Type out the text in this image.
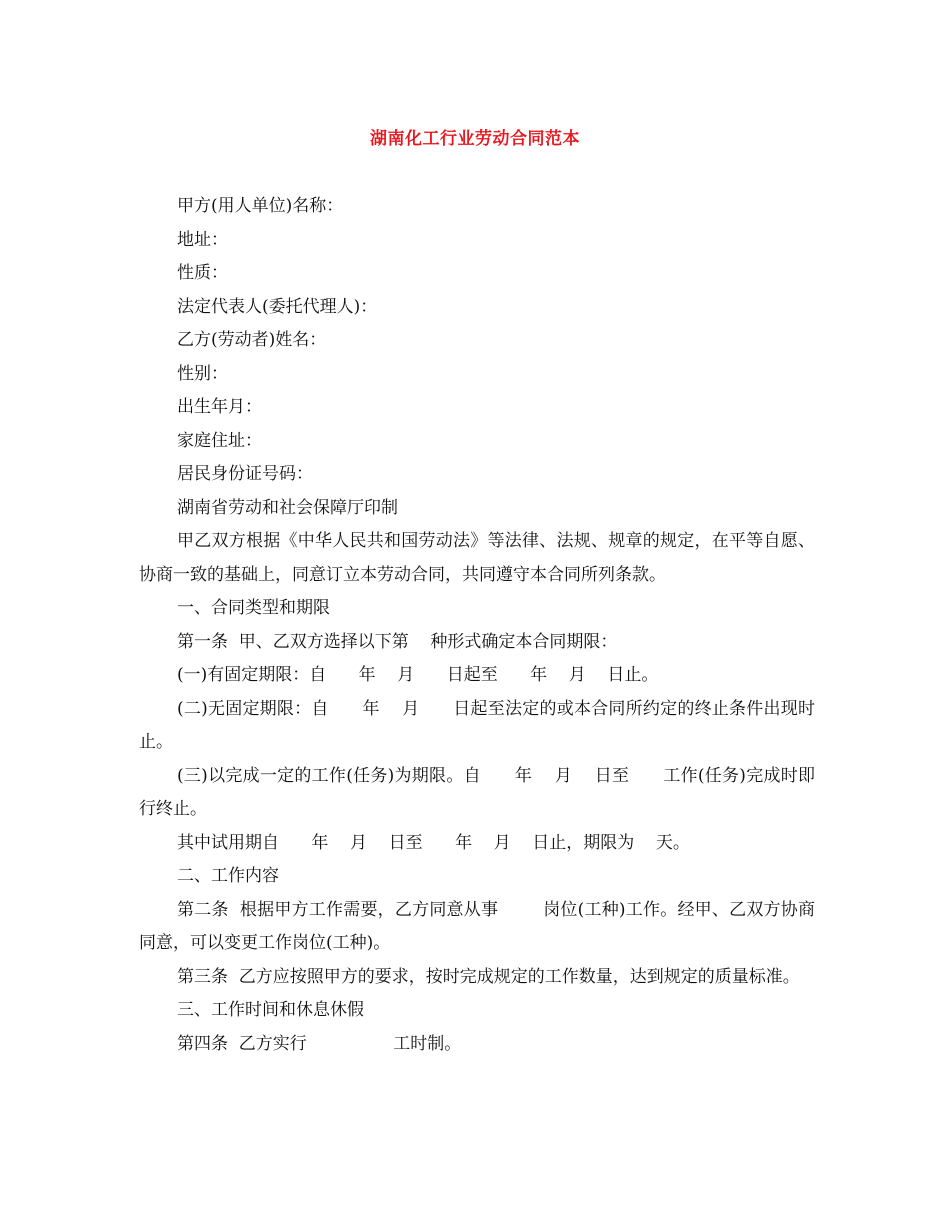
湖南化工行业劳动合同范本

甲方(用人单位)名称：

地址：

性质：

法定代表人(委托代理人)：

乙方(劳动者)姓名：

性别：

出生年月：

家庭住址：

居民身份证号码：

湖南省劳动和社会保障厅印制

甲乙双方根据《中华人民共和国劳动法》等法律、法规、规章的规定，在平等自愿、协商一致的基础上，同意订立本劳动合同，共同遵守本合同所列条款。

一、合同类型和期限

第一条  甲、乙双方选择以下第    种形式确定本合同期限：

(一)有固定期限：自      年    月      日起至      年    月    日止。

(二)无固定期限：自      年    月      日起至法定的或本合同所约定的终止条件出现时止。

(三)以完成一定的工作(任务)为期限。自      年    月    日至      工作(任务)完成时即行终止。

其中试用期自      年    月    日至      年    月    日止，期限为    天。

二、工作内容

第二条  根据甲方工作需要，乙方同意从事        岗位(工种)工作。经甲、乙双方协商同意，可以变更工作岗位(工种)。

第三条  乙方应按照甲方的要求，按时完成规定的工作数量，达到规定的质量标准。

三、工作时间和休息休假

第四条  乙方实行                工时制。
